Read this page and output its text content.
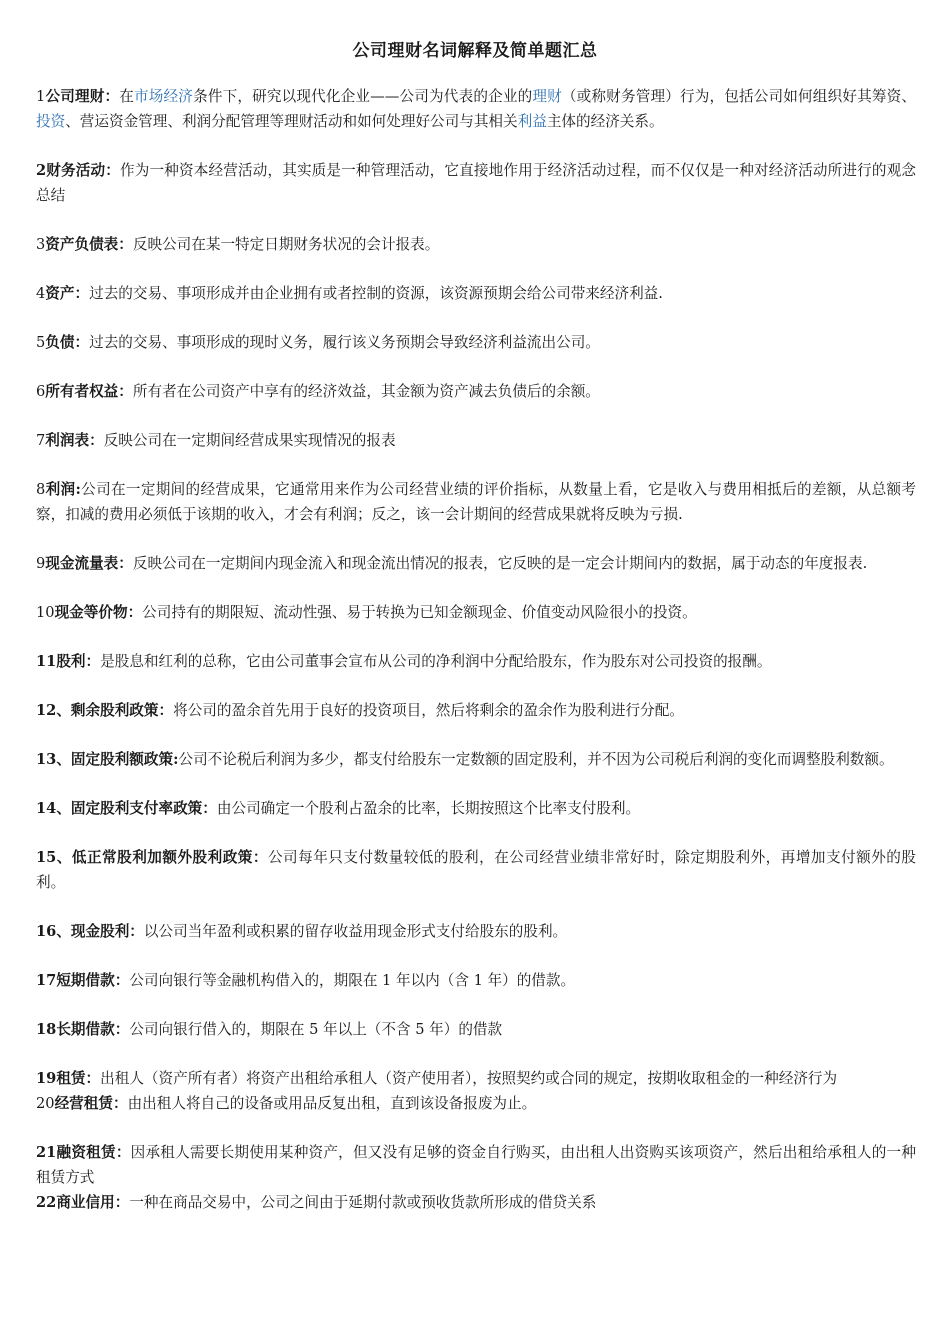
公司理财名词解释及简单题汇总

1公司理财：在市场经济条件下，研究以现代化企业——公司为代表的企业的理财（或称财务管理）行为，包括公司如何组织好其筹资、投资、营运资金管理、利润分配管理等理财活动和如何处理好公司与其相关利益主体的经济关系。

2财务活动：作为一种资本经营活动，其实质是一种管理活动，它直接地作用于经济活动过程，而不仅仅是一种对经济活动所进行的观念总结

3资产负债表：反映公司在某一特定日期财务状况的会计报表。

4资产：过去的交易、事项形成并由企业拥有或者控制的资源，该资源预期会给公司带来经济利益.

5负债：过去的交易、事项形成的现时义务，履行该义务预期会导致经济利益流出公司。

6所有者权益：所有者在公司资产中享有的经济效益，其金额为资产减去负债后的余额。

7利润表：反映公司在一定期间经营成果实现情况的报表

8利润:公司在一定期间的经营成果，它通常用来作为公司经营业绩的评价指标，从数量上看，它是收入与费用相抵后的差额，从总额考察，扣减的费用必须低于该期的收入，才会有利润；反之，该一会计期间的经营成果就将反映为亏损.

9现金流量表：反映公司在一定期间内现金流入和现金流出情况的报表，它反映的是一定会计期间内的数据，属于动态的年度报表.

10现金等价物：公司持有的期限短、流动性强、易于转换为已知金额现金、价值变动风险很小的投资。

11股利：是股息和红利的总称，它由公司董事会宣布从公司的净利润中分配给股东，作为股东对公司投资的报酬。

12、剩余股利政策：将公司的盈余首先用于良好的投资项目，然后将剩余的盈余作为股利进行分配。

13、固定股利额政策:公司不论税后利润为多少，都支付给股东一定数额的固定股利，并不因为公司税后利润的变化而调整股利数额。

14、固定股利支付率政策：由公司确定一个股利占盈余的比率，长期按照这个比率支付股利。

15、低正常股利加额外股利政策：公司每年只支付数量较低的股利，在公司经营业绩非常好时，除定期股利外，再增加支付额外的股利。

16、现金股利：以公司当年盈利或积累的留存收益用现金形式支付给股东的股利。

17短期借款：公司向银行等金融机构借入的，期限在 1 年以内（含 1 年）的借款。

18长期借款：公司向银行借入的，期限在 5 年以上（不含 5 年）的借款

19租赁：出租人（资产所有者）将资产出租给承租人（资产使用者），按照契约或合同的规定，按期收取租金的一种经济行为

20经营租赁：由出租人将自己的设备或用品反复出租，直到该设备报废为止。

21融资租赁：因承租人需要长期使用某种资产，但又没有足够的资金自行购买，由出租人出资购买该项资产，然后出租给承租人的一种租赁方式

22商业信用：一种在商品交易中，公司之间由于延期付款或预收货款所形成的借贷关系
